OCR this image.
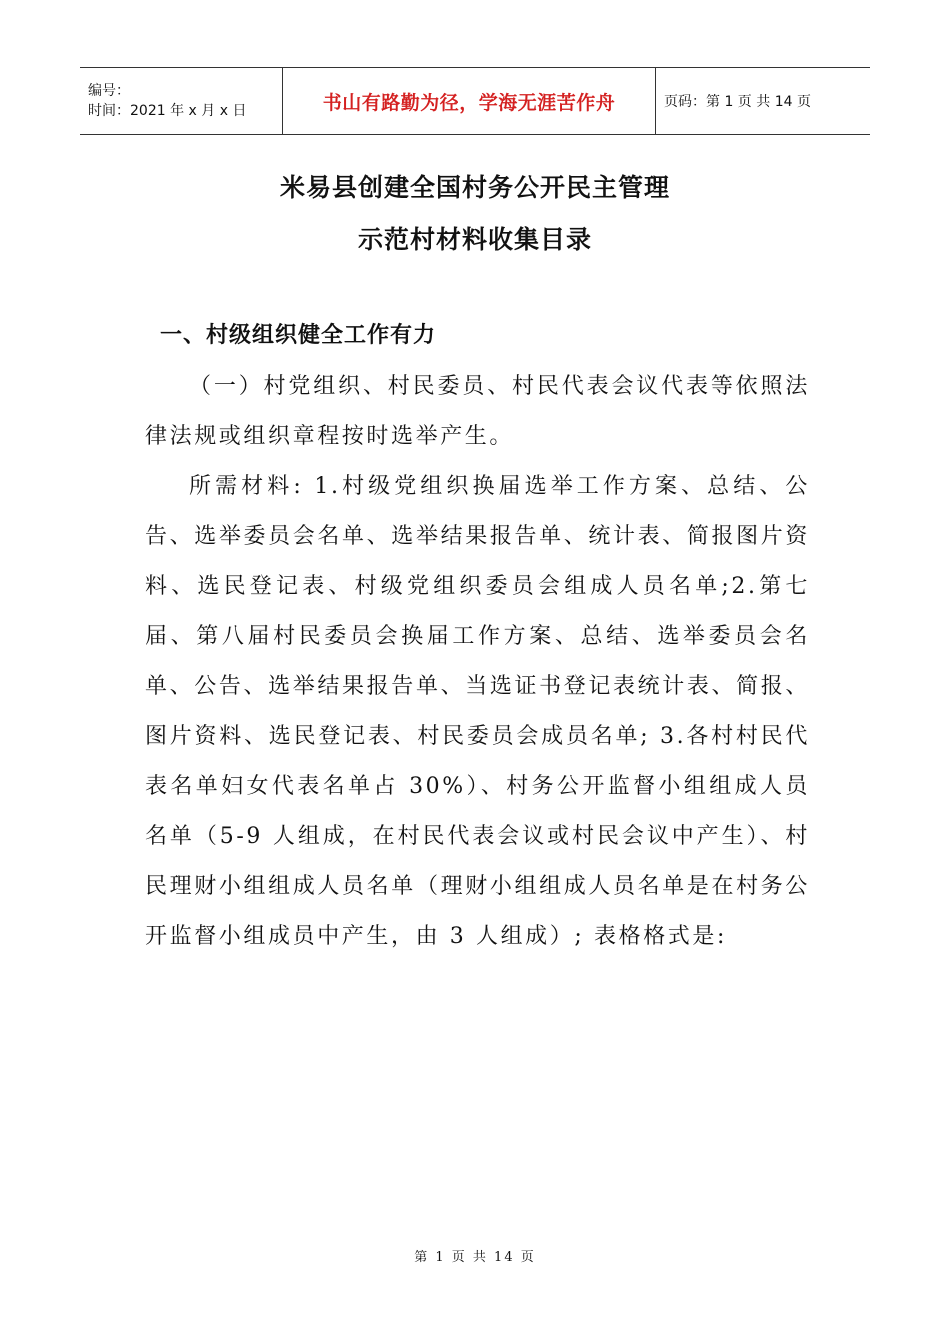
编号：
时间：2021 年 x 月 x 日	书山有路勤为径，学海无涯苦作舟	页码：第 1 页 共 14 页
米易县创建全国村务公开民主管理
示范村材料收集目录
一、村级组织健全工作有力

（一）村党组织、村民委员、村民代表会议代表等依照法律法规或组织章程按时选举产生。

所需材料: 1.村级党组织换届选举工作方案、总结、公告、选举委员会名单、选举结果报告单、统计表、简报图片资料、选民登记表、村级党组织委员会组成人员名单;2.第七届、第八届村民委员会换届工作方案、总结、选举委员会名单、公告、选举结果报告单、当选证书登记表统计表、简报、图片资料、选民登记表、村民委员会成员名单; 3.各村村民代表名单妇女代表名单占 30%）、村务公开监督小组组成人员名单（5-9 人组成，在村民代表会议或村民会议中产生）、村民理财小组组成人员名单（理财小组组成人员名单是在村务公开监督小组成员中产生，由 3 人组成）; 表格格式是:

第 1 页 共 14 页
